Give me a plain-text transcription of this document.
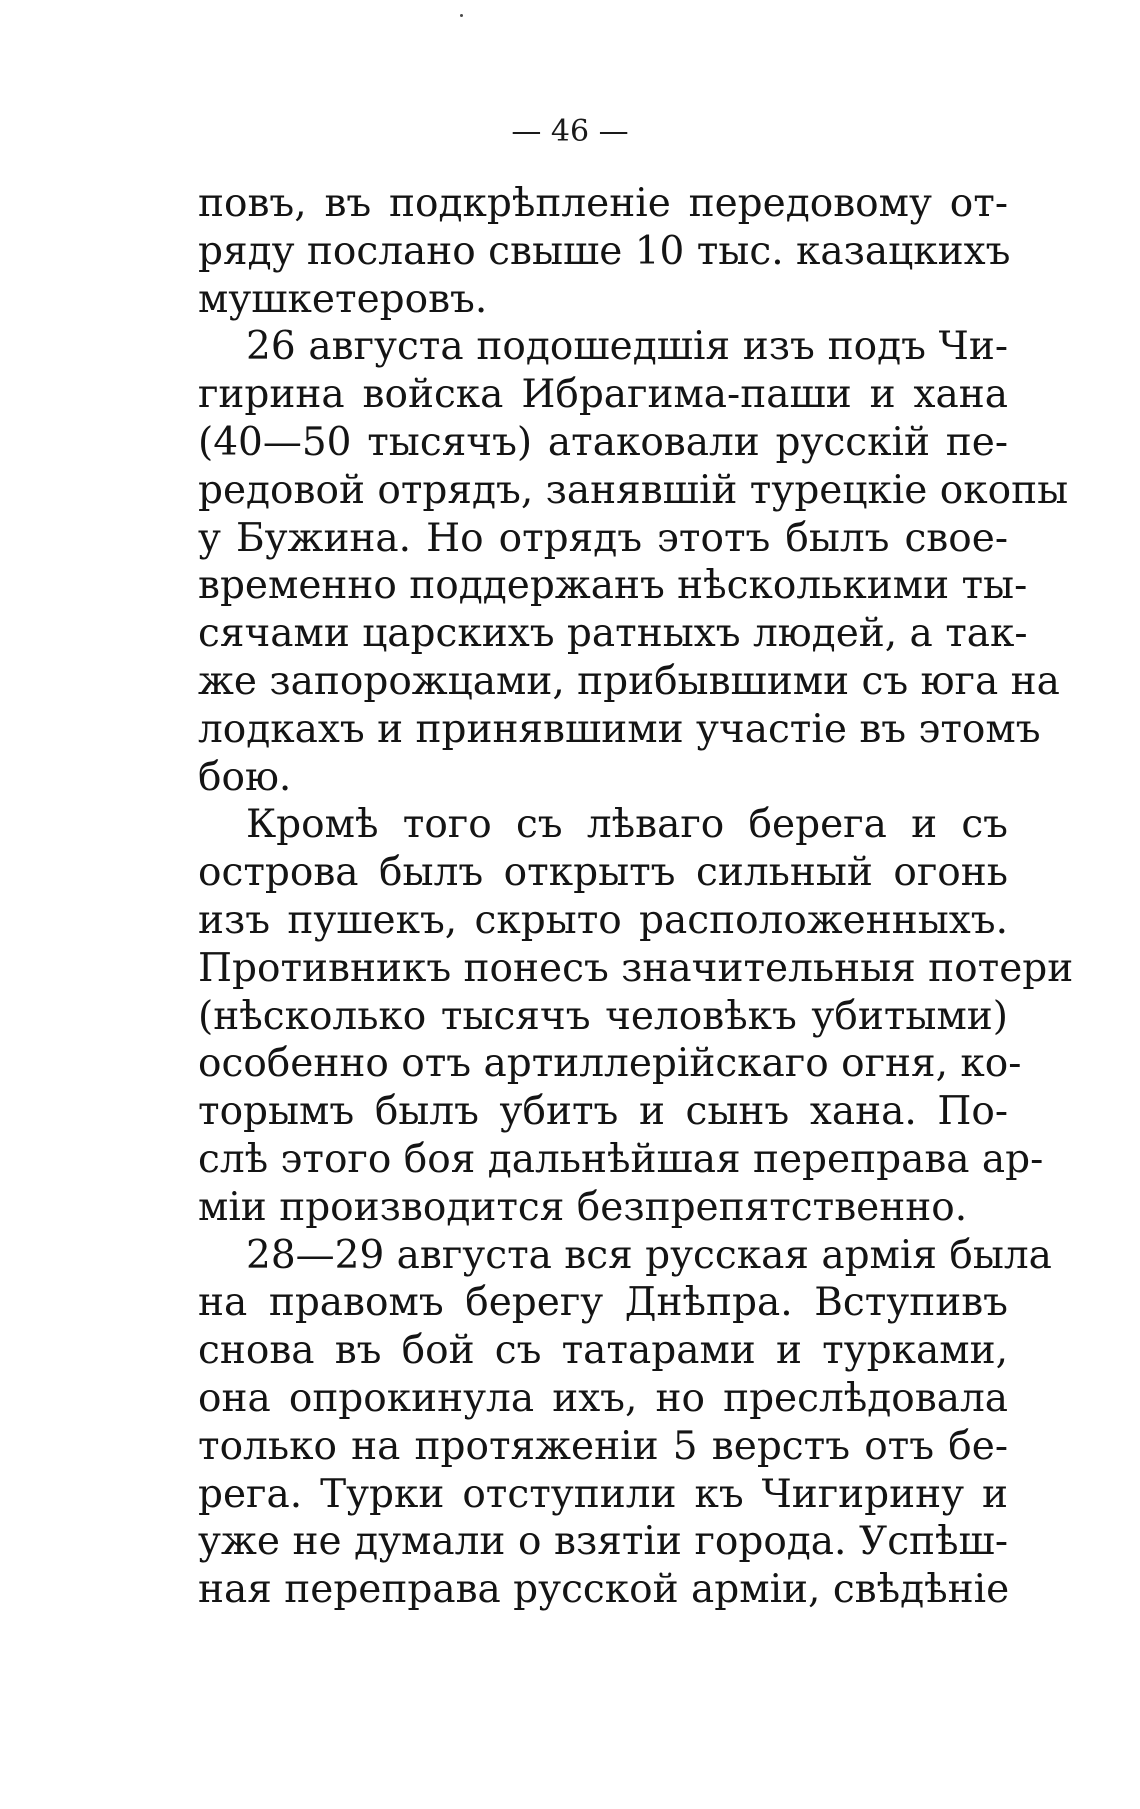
— 46 —
повъ, въ подкрѣпленіе передовому от-
ряду послано свыше 10 тыс. казацкихъ
мушкетеровъ.
26 августа подошедшія изъ подъ Чи-
гирина войска Ибрагима-паши и хана
(40—50 тысячъ) атаковали русскій пе-
редовой отрядъ, занявшій турецкіе окопы
у Бужина. Но отрядъ этотъ былъ свое-
временно поддержанъ нѣсколькими ты-
сячами царскихъ ратныхъ людей, а так-
же запорожцами, прибывшими съ юга на
лодкахъ и принявшими участіе въ этомъ
бою.
Кромѣ того съ лѣваго берега и съ
острова былъ открытъ сильный огонь
изъ пушекъ, скрыто расположенныхъ.
Противникъ понесъ значительныя потери
(нѣсколько тысячъ человѣкъ убитыми)
особенно отъ артиллерійскаго огня, ко-
торымъ былъ убитъ и сынъ хана. По-
слѣ этого боя дальнѣйшая переправа ар-
міи производится безпрепятственно.
28—29 августа вся русская армія была
на правомъ берегу Днѣпра. Вступивъ
снова въ бой съ татарами и турками,
она опрокинула ихъ, но преслѣдовала
только на протяженіи 5 верстъ отъ бе-
рега. Турки отступили къ Чигирину и
уже не думали о взятіи города. Успѣш-
ная переправа русской арміи, свѣдѣніе
